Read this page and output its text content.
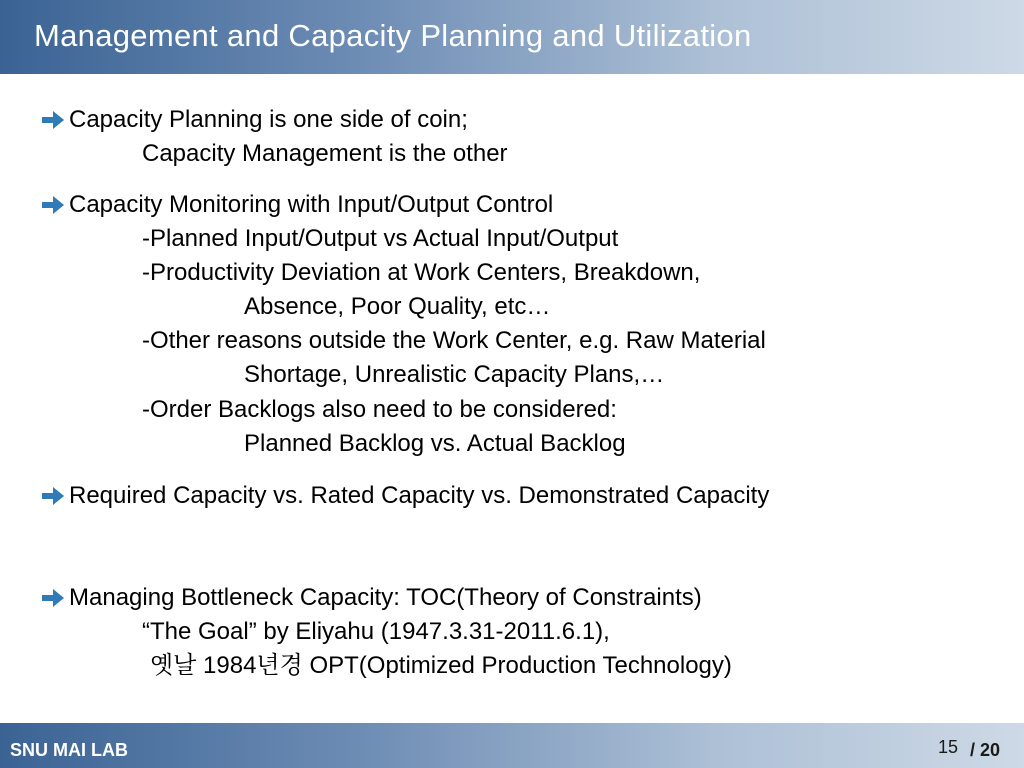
Management and Capacity Planning and Utilization
Capacity Planning is one side of coin;
Capacity Management is the other
Capacity Monitoring with Input/Output Control
-Planned Input/Output vs Actual Input/Output
-Productivity Deviation at Work Centers, Breakdown,
Absence, Poor Quality, etc…
-Other reasons outside the Work Center, e.g. Raw Material
Shortage, Unrealistic Capacity Plans,…
-Order Backlogs also need to be considered:
Planned Backlog vs. Actual Backlog
Required Capacity vs. Rated Capacity vs. Demonstrated Capacity
Managing Bottleneck Capacity: TOC(Theory of Constraints)
“The Goal” by Eliyahu (1947.3.31-2011.6.1),
옛날 1984년경 OPT(Optimized Production Technology)
SNU MAI LAB	15 / 20
